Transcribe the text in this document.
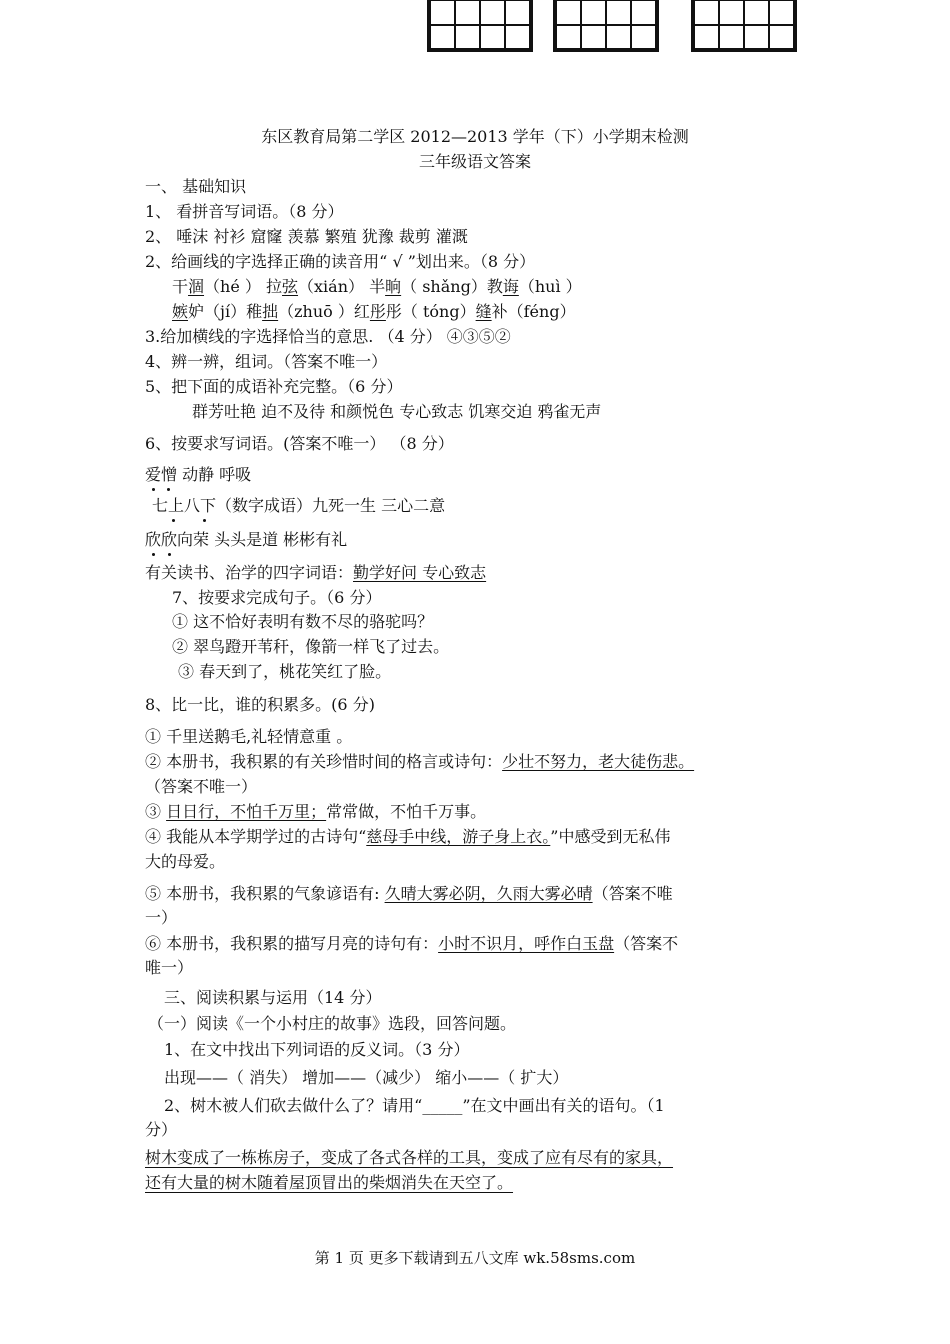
东区教育局第二学区 2012—2013 学年（下）小学期末检测
三年级语文答案
一、 基础知识
1、 看拼音写词语。（8 分）
2、 唾沫 衬衫 窟窿 羡慕 繁殖 犹豫 裁剪 灌溉
2、给画线的字选择正确的读音用“ √ ”划出来。（8 分）
干涸（hé ） 拉弦（xián） 半晌（ shǎng）教诲（huì ）
嫉妒（jí）稚拙（zhuō ）红彤彤（ tóng）缝补（féng）
3.给加横线的字选择恰当的意思. （4 分） ④③⑤②
4、辨一辨，组词。（答案不唯一）
5、把下面的成语补充完整。（6 分）
群芳吐艳 迫不及待 和颜悦色 专心致志 饥寒交迫 鸦雀无声
6、按要求写词语。(答案不唯一） （8 分）
爱憎 动静 呼吸
七上八下（数字成语）九死一生 三心二意
欣欣向荣 头头是道 彬彬有礼
有关读书、治学的四字词语：勤学好问 专心致志
7、按要求完成句子。（6 分）
① 这不恰好表明有数不尽的骆驼吗？
② 翠鸟蹬开苇秆，像箭一样飞了过去。
③ 春天到了，桃花笑红了脸。
8、比一比，谁的积累多。(6 分)
① 千里送鹅毛,礼轻情意重 。
② 本册书，我积累的有关珍惜时间的格言或诗句：少壮不努力，老大徒伤悲。
（答案不唯一）
③ 日日行，不怕千万里；常常做，不怕千万事。
④ 我能从本学期学过的古诗句“慈母手中线，游子身上衣。”中感受到无私伟
大的母爱。
⑤ 本册书，我积累的气象谚语有: 久晴大雾必阴，久雨大雾必晴（答案不唯
一）
⑥ 本册书，我积累的描写月亮的诗句有：小时不识月，呼作白玉盘（答案不
唯一）
三、阅读积累与运用（14 分）
（一）阅读《一个小村庄的故事》选段，回答问题。
1、在文中找出下列词语的反义词。（3 分）
出现——（ 消失） 增加——（减少） 缩小——（ 扩大）
2、树木被人们砍去做什么了？请用“_____”在文中画出有关的语句。（1
分）
树木变成了一栋栋房子，变成了各式各样的工具，变成了应有尽有的家具，
还有大量的树木随着屋顶冒出的柴烟消失在天空了。
第 1 页 更多下载请到五八文库 wk.58sms.com
